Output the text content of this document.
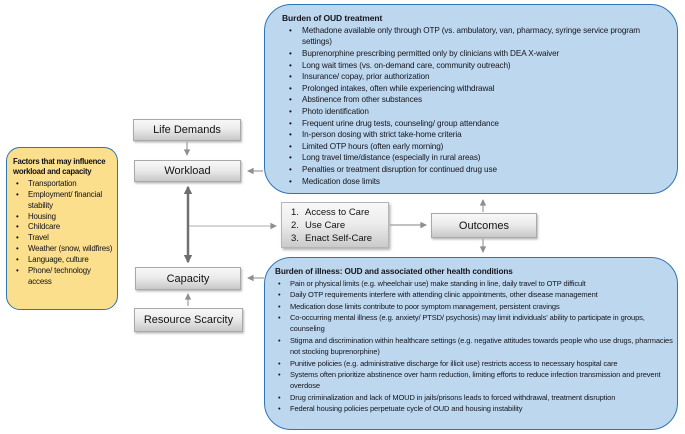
Factors that may influence workload and capacity
•	Transportation
•	Employment/ financial stability
•	Housing
•	Childcare
•	Travel
•	Weather (snow, wildfires)
•	Language, culture
•	Phone/ technology access
Burden of OUD treatment
•	Methadone available only through OTP (vs. ambulatory, van, pharmacy, syringe service program settings)
•	Buprenorphine prescribing permitted only by clinicians with DEA X-waiver
•	Long wait times (vs. on-demand care, community outreach)
•	Insurance/ copay, prior authorization
•	Prolonged intakes, often while experiencing withdrawal
•	Abstinence from other substances
•	Photo identification
•	Frequent urine drug tests, counseling/ group attendance
•	In-person dosing with strict take-home criteria
•	Limited OTP hours (often early morning)
•	Long travel time/distance (especially in rural areas)
•	Penalties or treatment disruption for continued drug use
•	Medication dose limits
Burden of illness: OUD and associated other health conditions
•	Pain or physical limits (e.g. wheelchair use) make standing in line, daily travel to OTP difficult
•	Daily OTP requirements interfere with attending clinic appointments, other disease management
•	Medication dose limits contribute to poor symptom management, persistent cravings
•	Co-occurring mental illness (e.g. anxiety/ PTSD/ psychosis) may limit individuals' ability to participate in groups, counseling
•	Stigma and discrimination within healthcare settings (e.g. negative attitudes towards people who use drugs, pharmacies not stocking buprenorphine)
•	Punitive policies (e.g. administrative discharge for illicit use) restricts access to necessary hospital care
•	Systems often prioritize abstinence over harm reduction, limiting efforts to reduce infection transmission and prevent overdose
•	Drug criminalization and lack of MOUD in jails/prisons leads to forced withdrawal, treatment disruption
•	Federal housing policies perpetuate cycle of OUD and housing instability
Life Demands
Workload
Capacity
Resource Scarcity
Outcomes
1. Access to Care
2. Use Care
3. Enact Self-Care
